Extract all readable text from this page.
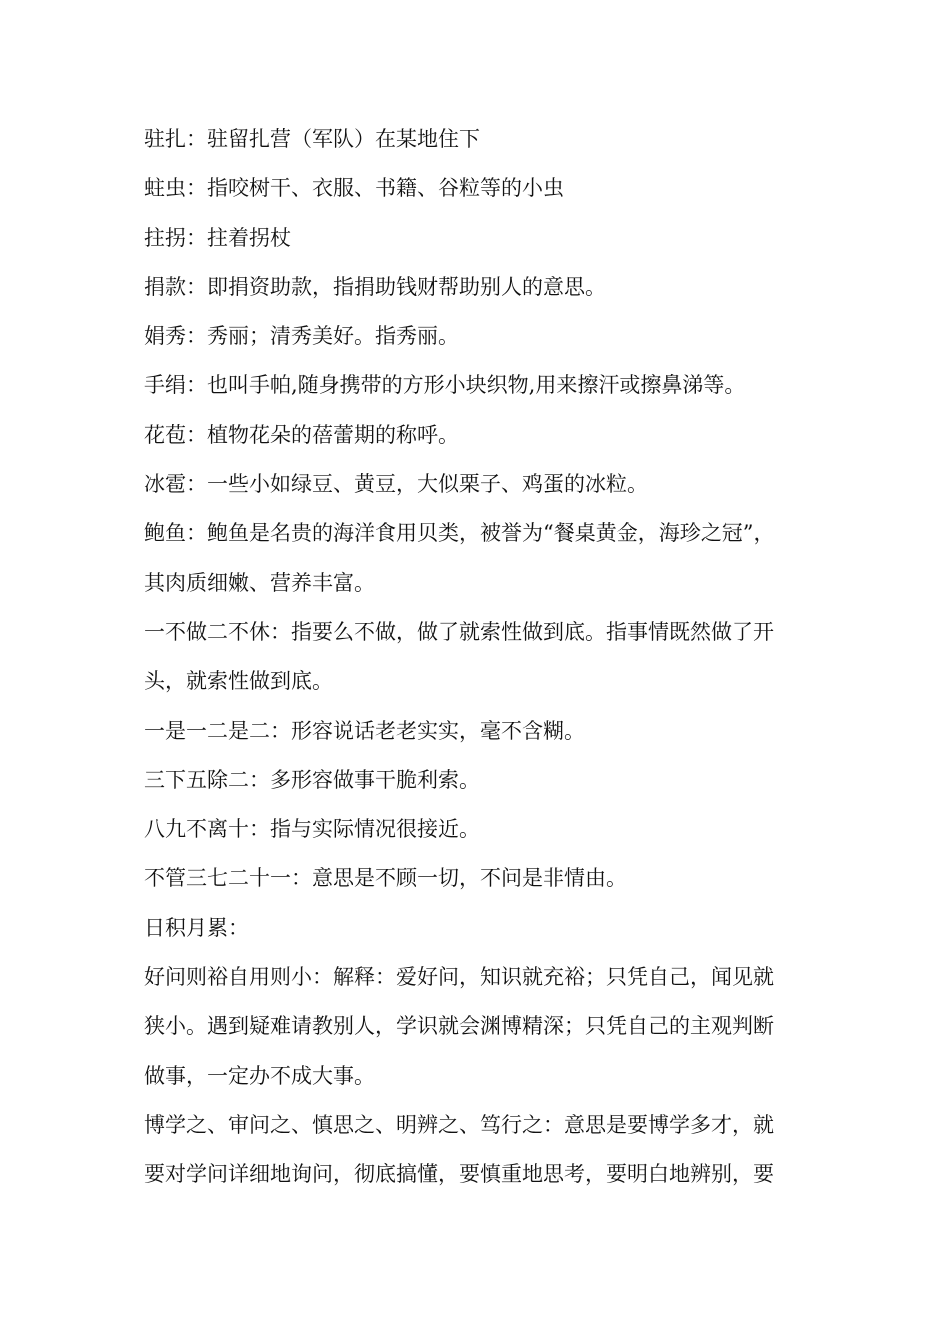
驻扎：驻留扎营（军队）在某地住下
蛀虫：指咬树干、衣服、书籍、谷粒等的小虫
拄拐：拄着拐杖
捐款：即捐资助款，指捐助钱财帮助别人的意思。
娟秀：秀丽；清秀美好。指秀丽。
手绢：也叫手帕,随身携带的方形小块织物,用来擦汗或擦鼻涕等。
花苞：植物花朵的蓓蕾期的称呼。
冰雹：一些小如绿豆、黄豆，大似栗子、鸡蛋的冰粒。
鲍鱼：鲍鱼是名贵的海洋食用贝类，被誉为“餐桌黄金，海珍之冠”，
其肉质细嫩、营养丰富。
一不做二不休：指要么不做，做了就索性做到底。指事情既然做了开
头，就索性做到底。
一是一二是二：形容说话老老实实，毫不含糊。
三下五除二：多形容做事干脆利索。
八九不离十：指与实际情况很接近。
不管三七二十一：意思是不顾一切，不问是非情由。
日积月累：
好问则裕自用则小：解释：爱好问，知识就充裕；只凭自己，闻见就
狭小。遇到疑难请教别人，学识就会渊博精深；只凭自己的主观判断
做事，一定办不成大事。
博学之、审问之、慎思之、明辨之、笃行之：意思是要博学多才，就
要对学问详细地询问，彻底搞懂，要慎重地思考，要明白地辨别，要
